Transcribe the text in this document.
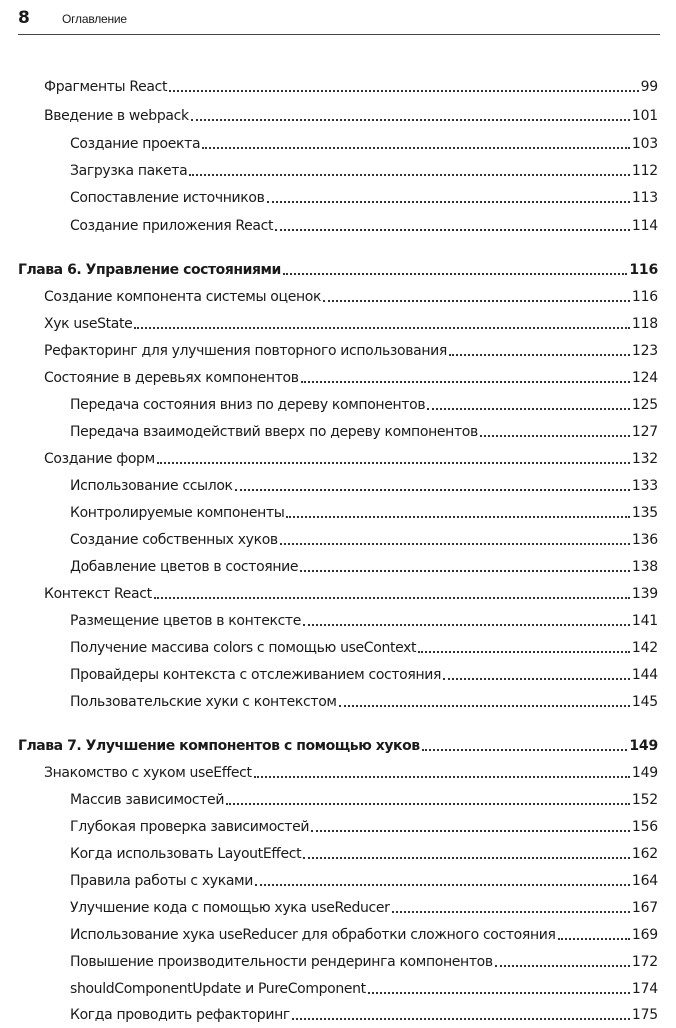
8	Оглавление
Фрагменты React	99
Введение в webpack	101
Создание проекта	103
Загрузка пакета	112
Сопоставление источников	113
Создание приложения React	114
Глава 6. Управление состояниями	116
Создание компонента системы оценок	116
Хук useState	118
Рефакторинг для улучшения повторного использования	123
Состояние в деревьях компонентов	124
Передача состояния вниз по дереву компонентов	125
Передача взаимодействий вверх по дереву компонентов	127
Создание форм	132
Использование ссылок	133
Контролируемые компоненты	135
Создание собственных хуков	136
Добавление цветов в состояние	138
Контекст React	139
Размещение цветов в контексте	141
Получение массива colors с помощью useContext	142
Провайдеры контекста с отслеживанием состояния	144
Пользовательские хуки с контекстом	145
Глава 7. Улучшение компонентов с помощью хуков	149
Знакомство с хуком useEffect	149
Массив зависимостей	152
Глубокая проверка зависимостей	156
Когда использовать LayoutEffect	162
Правила работы с хуками	164
Улучшение кода с помощью хука useReducer	167
Использование хука useReducer для обработки сложного состояния	169
Повышение производительности рендеринга компонентов	172
shouldComponentUpdate и PureComponent	174
Когда проводить рефакторинг	175
